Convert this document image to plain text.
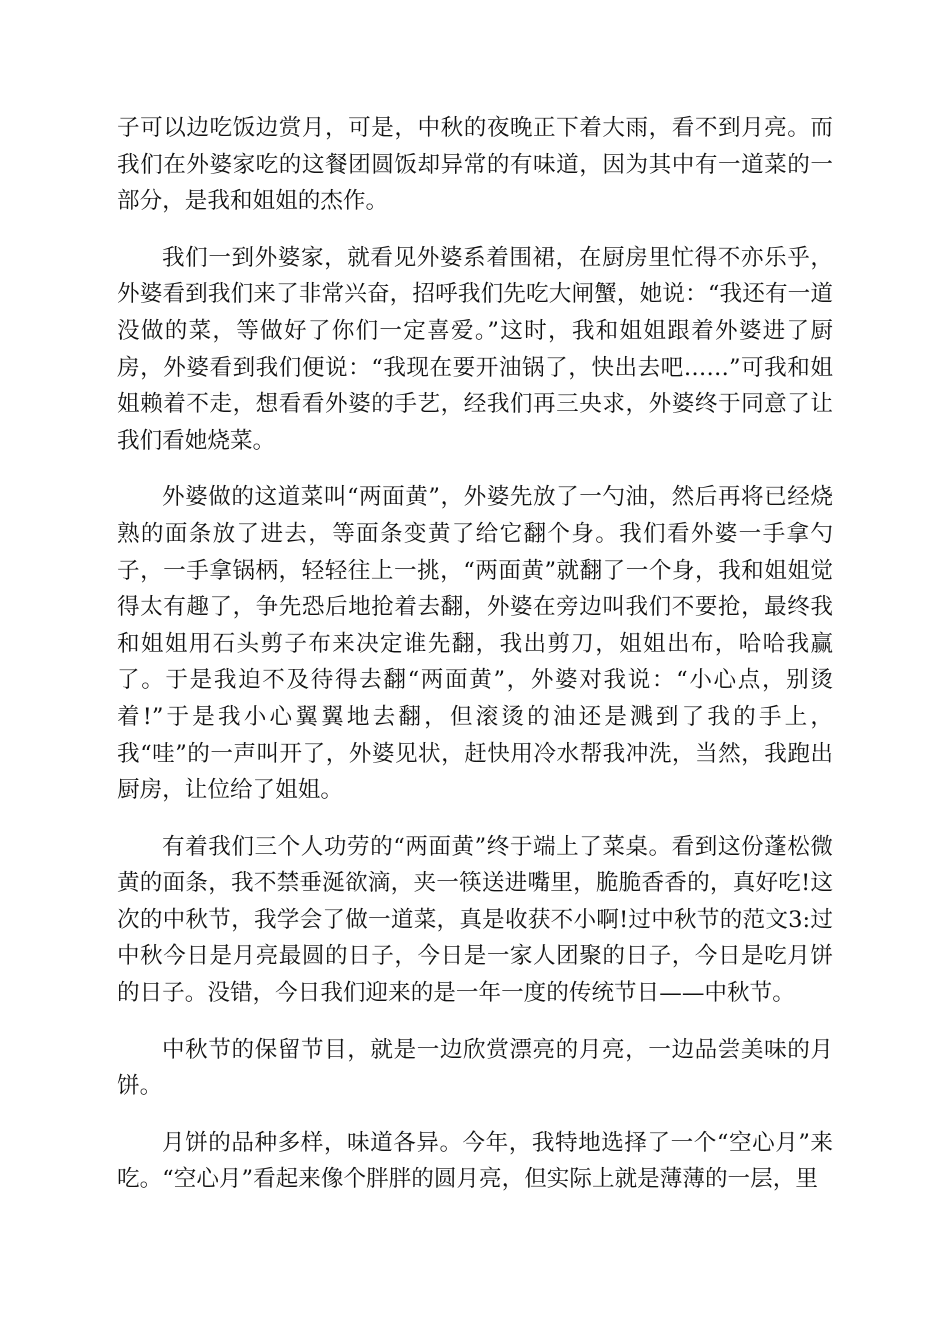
子可以边吃饭边赏月，可是，中秋的夜晚正下着大雨，看不到月亮。而我们在外婆家吃的这餐团圆饭却异常的有味道，因为其中有一道菜的一部分，是我和姐姐的杰作。

我们一到外婆家，就看见外婆系着围裙，在厨房里忙得不亦乐乎，外婆看到我们来了非常兴奋，招呼我们先吃大闸蟹，她说：“我还有一道没做的菜，等做好了你们一定喜爱。”这时，我和姐姐跟着外婆进了厨房，外婆看到我们便说：“我现在要开油锅了，快出去吧……”可我和姐姐赖着不走，想看看外婆的手艺，经我们再三央求，外婆终于同意了让我们看她烧菜。

外婆做的这道菜叫“两面黄”，外婆先放了一勺油，然后再将已经烧熟的面条放了进去，等面条变黄了给它翻个身。我们看外婆一手拿勺子，一手拿锅柄，轻轻往上一挑，“两面黄”就翻了一个身，我和姐姐觉得太有趣了，争先恐后地抢着去翻，外婆在旁边叫我们不要抢，最终我和姐姐用石头剪子布来决定谁先翻，我出剪刀，姐姐出布，哈哈我赢了。于是我迫不及待得去翻“两面黄”，外婆对我说：“小心点，别烫着!”于是我小心翼翼地去翻，但滚烫的油还是溅到了我的手上，我“哇”的一声叫开了，外婆见状，赶快用冷水帮我冲洗，当然，我跑出厨房，让位给了姐姐。

有着我们三个人功劳的“两面黄”终于端上了菜桌。看到这份蓬松微黄的面条，我不禁垂涎欲滴，夹一筷送进嘴里，脆脆香香的，真好吃!这次的中秋节，我学会了做一道菜，真是收获不小啊!过中秋节的范文3:过中秋今日是月亮最圆的日子，今日是一家人团聚的日子，今日是吃月饼的日子。没错，今日我们迎来的是一年一度的传统节日——中秋节。

中秋节的保留节目，就是一边欣赏漂亮的月亮，一边品尝美味的月饼。

月饼的品种多样，味道各异。今年，我特地选择了一个“空心月”来吃。“空心月”看起来像个胖胖的圆月亮，但实际上就是薄薄的一层，里
